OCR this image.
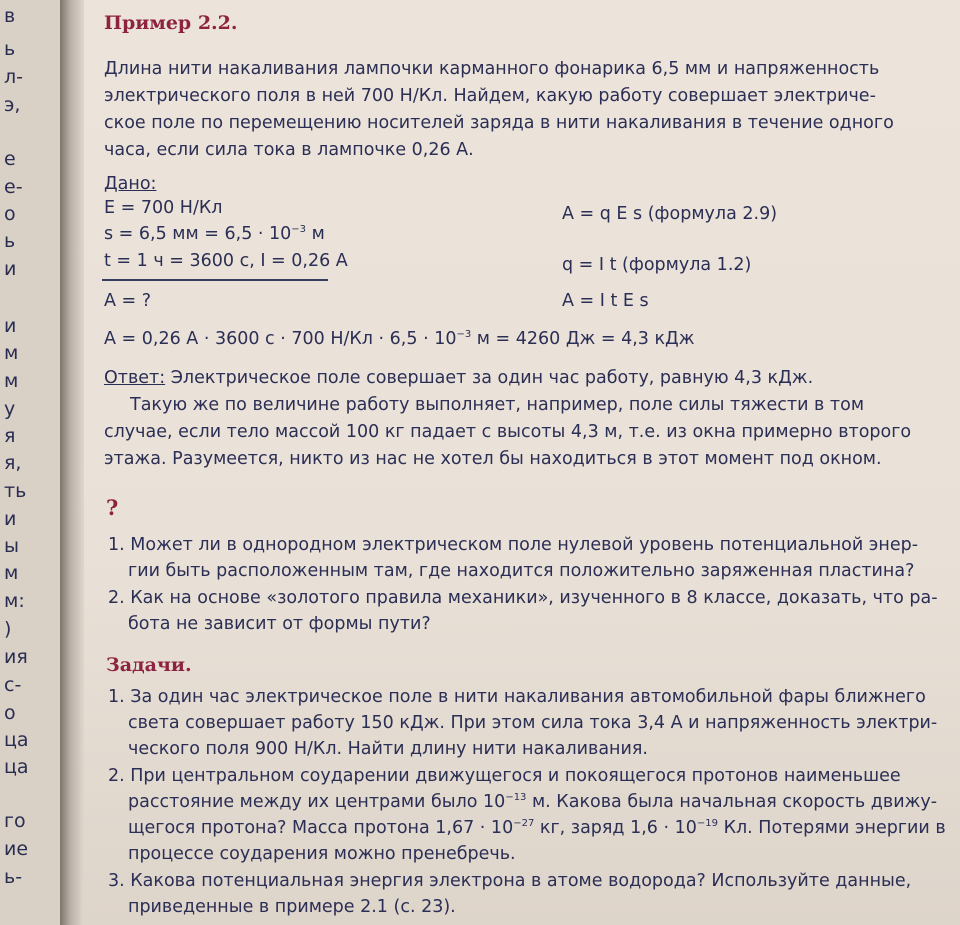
в
ь
л-
э,
е
е-
о
ь
и
и
м
м
у
я
я,
ть
и
ы
м
м:
)
ия
с-
о
ца
ца
го
ие
ь-
Пример 2.2.
Длина нити накаливания лампочки карманного фонарика 6,5 мм и напряженность
электрического поля в ней 700 Н/Кл. Найдем, какую работу совершает электриче-
ское поле по перемещению носителей заряда в нити накаливания в течение одного
часа, если сила тока в лампочке 0,26 А.
Дано:
E = 700 Н/Кл
s = 6,5 мм = $6,5 \cdot 10^{-3}$ м
t = 1 ч = 3600 с, I = 0,26 А
A = ?
A = q E s (формула 2.9)
q = I t (формула 1.2)
A = I t E s
A = 0,26 А · 3600 с · 700 $Н/Кл \cdot 6,5 \cdot 10^{-3}$ м = 4260 Дж = 4,3 кДж
Ответ: Электрическое поле совершает за один час работу, равную 4,3 кДж.
Такую же по величине работу выполняет, например, поле силы тяжести в том
случае, если тело массой 100 кг падает с высоты 4,3 м, т.е. из окна примерно второго
этажа. Разумеется, никто из нас не хотел бы находиться в этот момент под окном.
?
1. Может ли в однородном электрическом поле нулевой уровень потенциальной энер-
гии быть расположенным там, где находится положительно заряженная пластина?
2. Как на основе «золотого правила механики», изученного в 8 классе, доказать, что ра-
бота не зависит от формы пути?
Задачи.
1. За один час электрическое поле в нити накаливания автомобильной фары ближнего
света совершает работу 150 кДж. При этом сила тока 3,4 А и напряженность электри-
ческого поля 900 Н/Кл. Найти длину нити накаливания.
2. При центральном соударении движущегося и покоящегося протонов наименьшее
расстояние между их центрами было $10^{-13}$ м. Какова была начальная скорость движу-
щегося протона? Масса протона $1,67 \cdot 10^{-27}$ кг, заряд $1,6 \cdot 10^{-19}$ Кл. Потерями энергии в
процессе соударения можно пренебречь.
3. Какова потенциальная энергия электрона в атоме водорода? Используйте данные,
приведенные в примере 2.1 (с. 23).
